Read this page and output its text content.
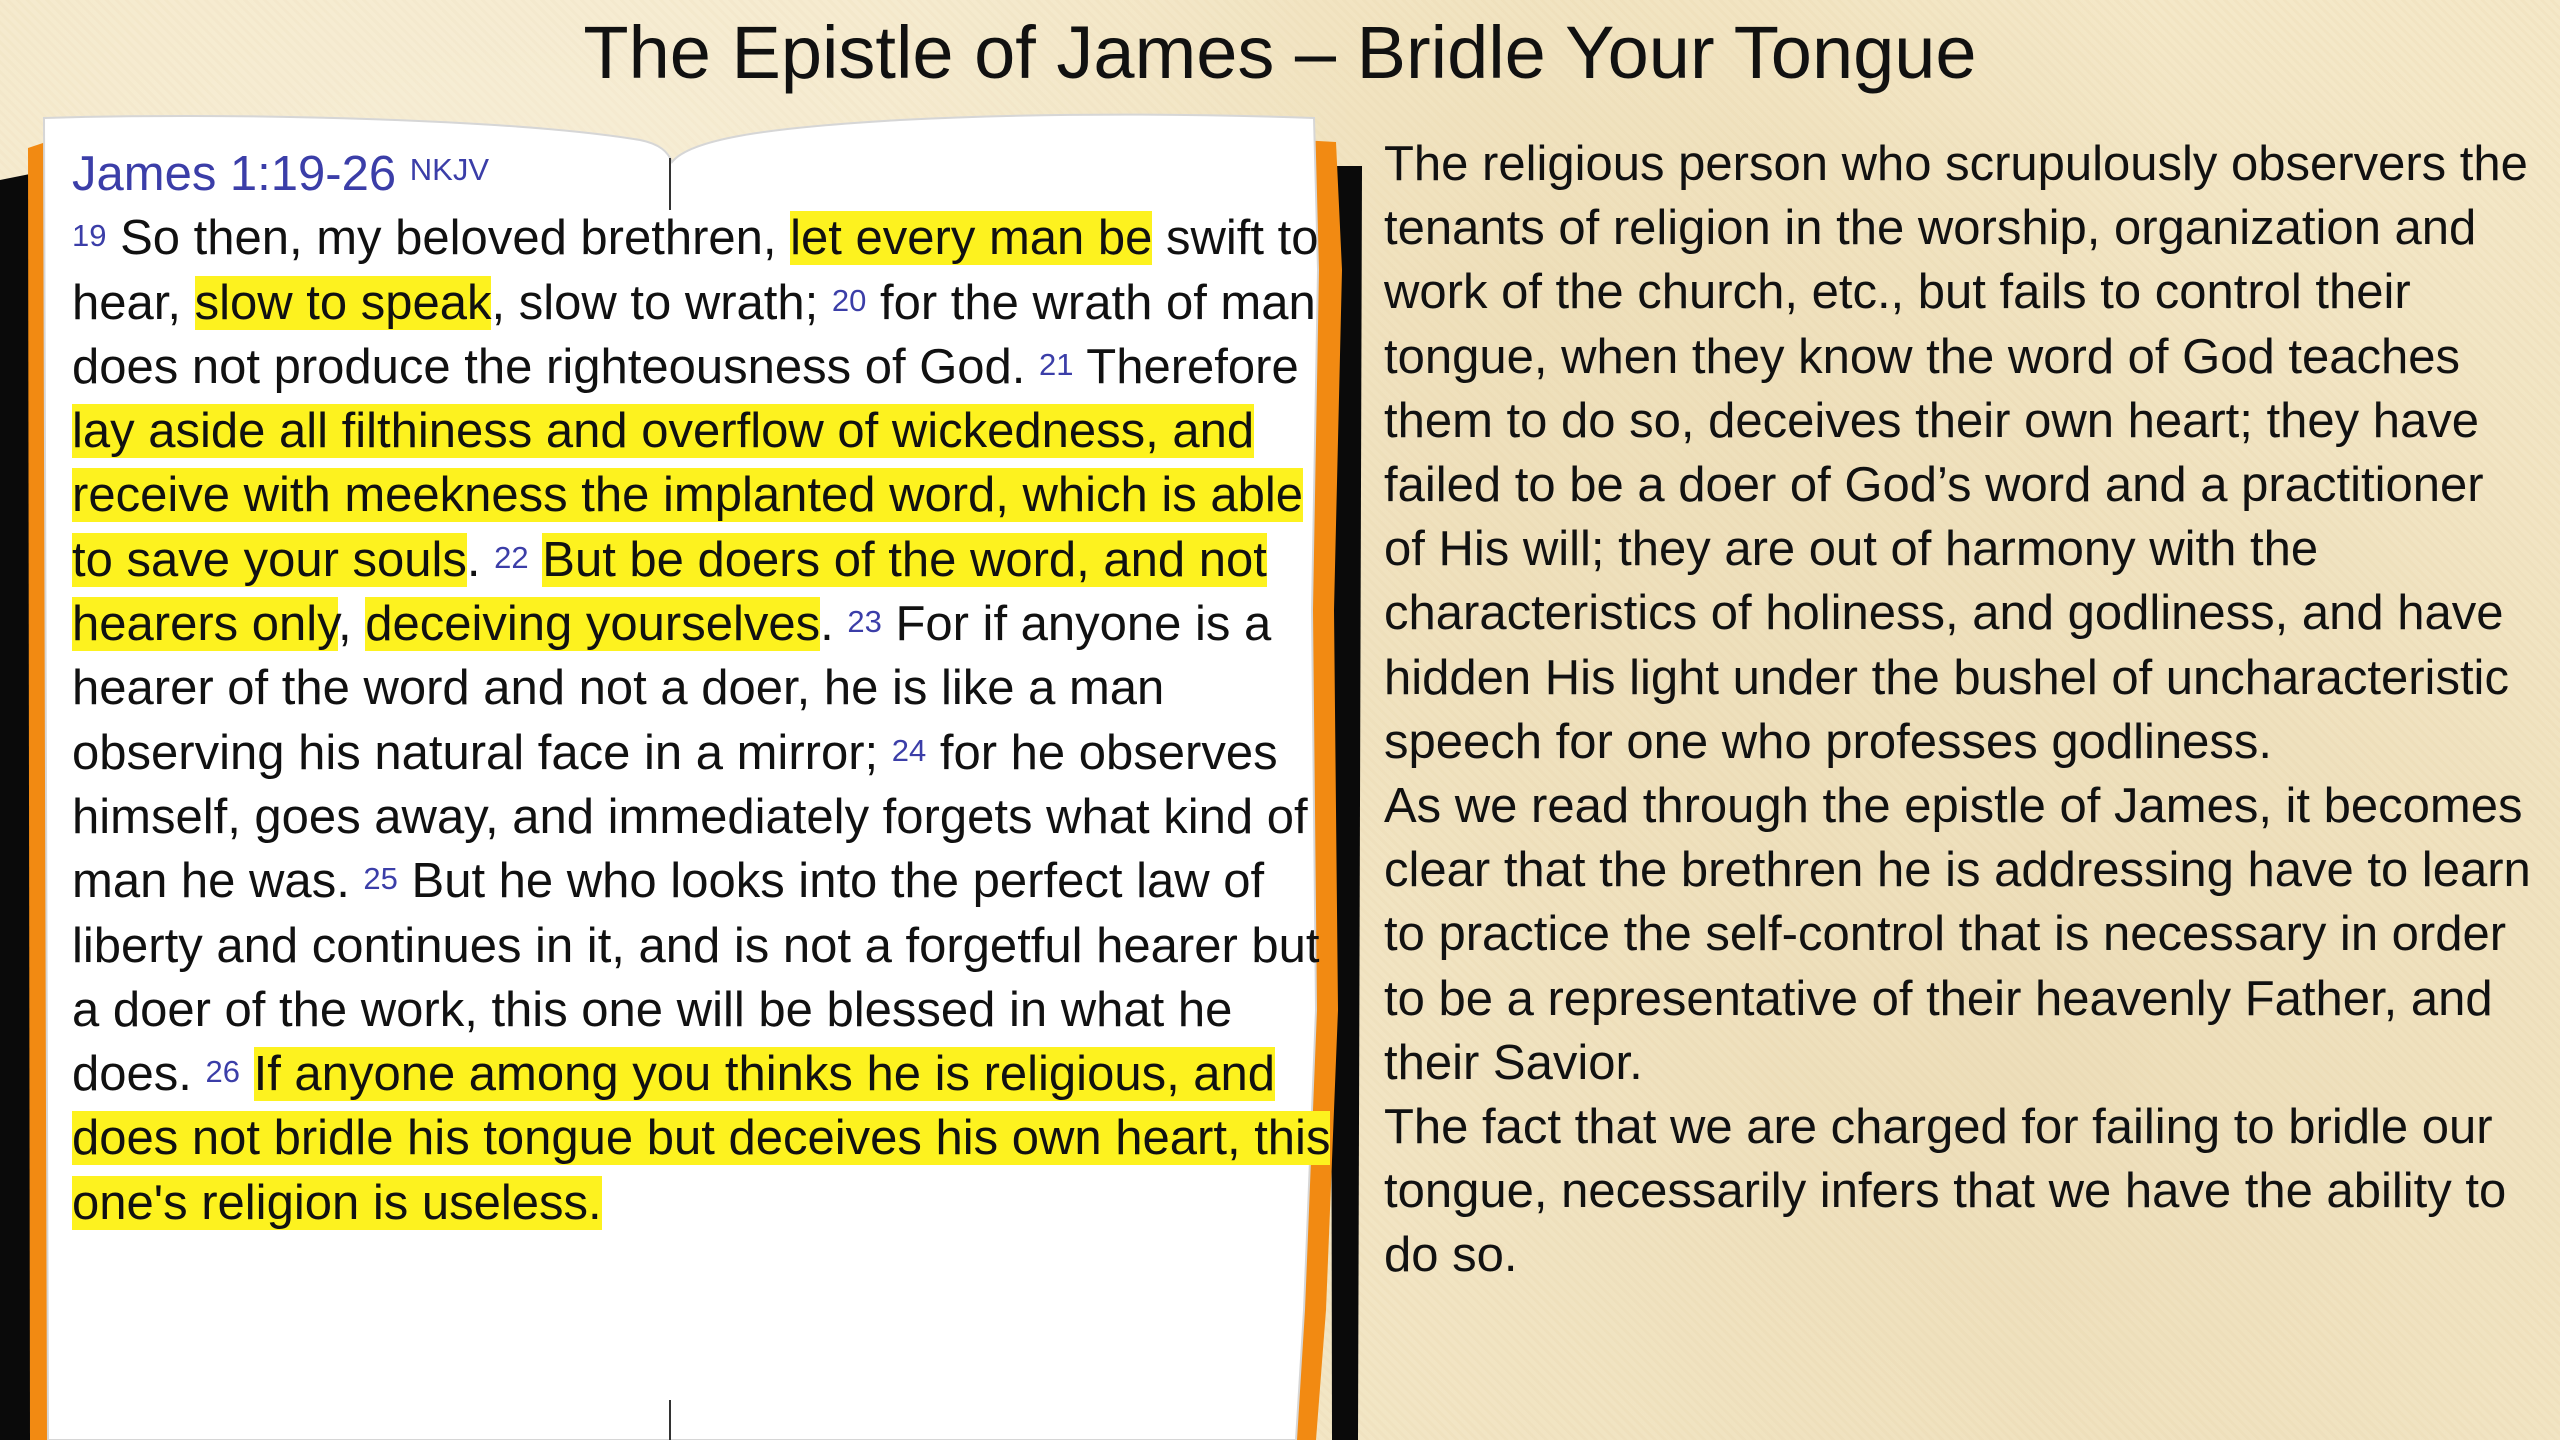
The Epistle of James – Bridle Your Tongue
James 1:19-26 $^{NKJV}$
$^{19}$ So then, my beloved brethren, let every man be swift to hear, slow to speak, slow to wrath; $^{20}$ for the wrath of man does not produce the righteousness of God. $^{21}$ Therefore lay aside all filthiness and overflow of wickedness, and receive with meekness the implanted word, which is able to save your souls. $^{22}$ But be doers of the word, and not hearers only, deceiving yourselves. $^{23}$ For if anyone is a hearer of the word and not a doer, he is like a man observing his natural face in a mirror; $^{24}$ for he observes himself, goes away, and immediately forgets what kind of man he was. $^{25}$ But he who looks into the perfect law of liberty and continues in it, and is not a forgetful hearer but a doer of the work, this one will be blessed in what he does. $^{26}$ If anyone among you thinks he is religious, and does not bridle his tongue but deceives his own heart, this one's religion is useless.

The religious person who scrupulously observers the tenants of religion in the worship, organization and work of the church, etc., but fails to control their tongue, when they know the word of God teaches them to do so, deceives their own heart; they have failed to be a doer of God’s word and a practitioner of His will; they are out of harmony with the characteristics of holiness, and godliness, and have hidden His light under the bushel of uncharacteristic speech for one who professes godliness.

As we read through the epistle of James, it becomes clear that the brethren he is addressing have to learn to practice the self-control that is necessary in order to be a representative of their heavenly Father, and their Savior.

The fact that we are charged for failing to bridle our tongue, necessarily infers that we have the ability to do so.
